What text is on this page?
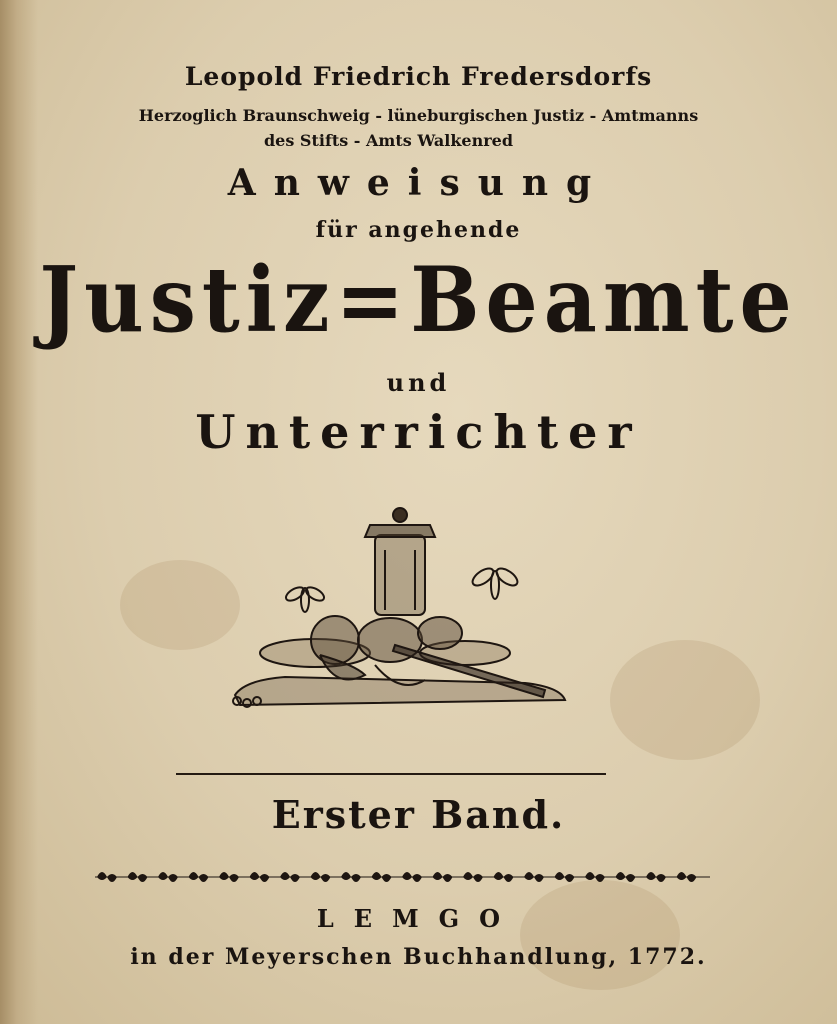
Leopold Friedrich Fredersdorfs
Herzoglich Braunschweig - lüneburgischen Justiz - Amtmanns
des Stifts - Amts Walkenred
Anweisung
für angehende
Justiz=Beamte
und
Unterrichter
Erster Band.
LEMGO
in der Meyerschen Buchhandlung, 1772.
